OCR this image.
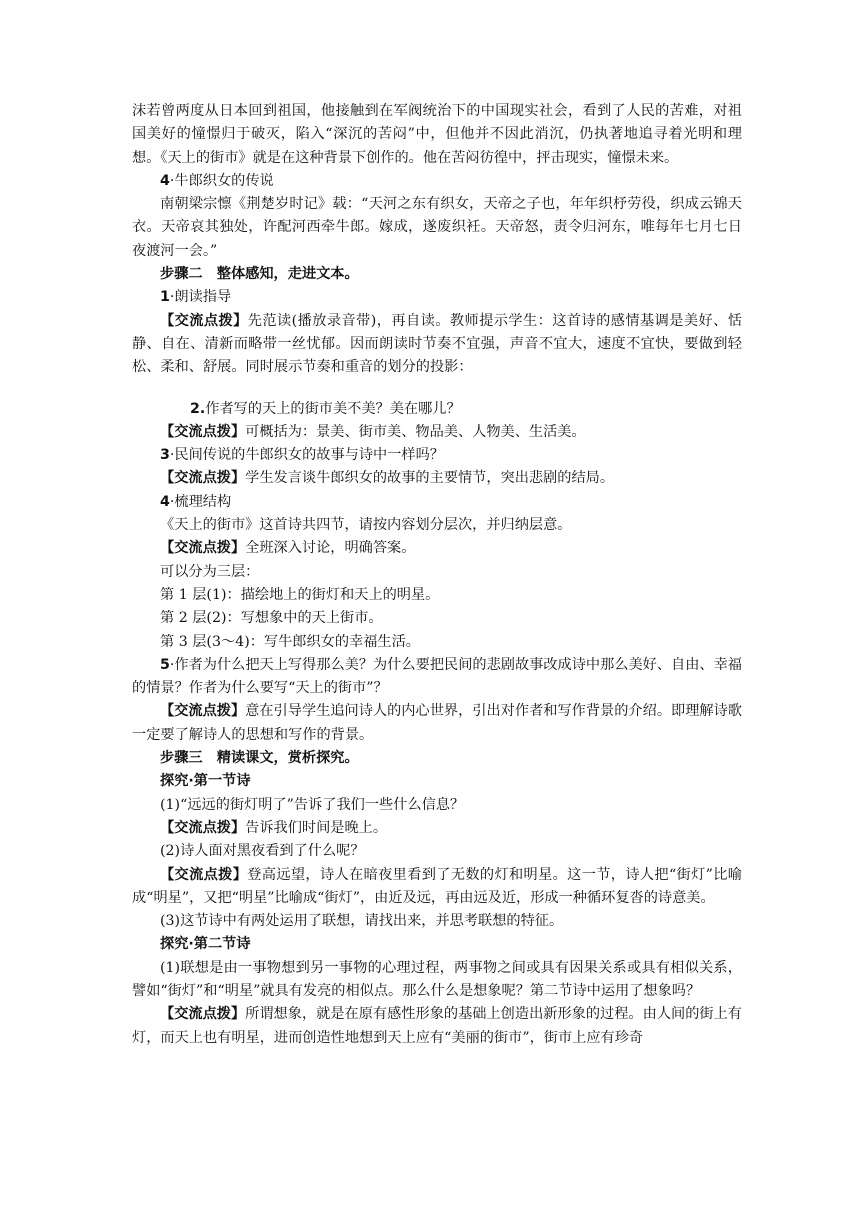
沫若曾两度从日本回到祖国，他接触到在军阀统治下的中国现实社会，看到了人民的苦难，对祖国美好的憧憬归于破灭，陷入“深沉的苦闷”中，但他并不因此消沉，仍执著地追寻着光明和理想。《天上的街市》就是在这种背景下创作的。他在苦闷彷徨中，抨击现实，憧憬未来。

4·牛郎织女的传说

南朝梁宗懔《荆楚岁时记》载：“天河之东有织女，天帝之子也，年年织杼劳役，织成云锦天衣。天帝哀其独处，许配河西牵牛郎。嫁成，遂废织衽。天帝怒，责令归河东，唯每年七月七日夜渡河一会。”

步骤二　整体感知，走进文本。

1·朗读指导

【交流点拨】先范读(播放录音带)，再自读。教师提示学生：这首诗的感情基调是美好、恬静、自在、清新而略带一丝忧郁。因而朗读时节奏不宜强，声音不宜大，速度不宜快，要做到轻松、柔和、舒展。同时展示节奏和重音的划分的投影：

2.作者写的天上的街市美不美？美在哪儿？

【交流点拨】可概括为：景美、街市美、物品美、人物美、生活美。

3·民间传说的牛郎织女的故事与诗中一样吗？

【交流点拨】学生发言谈牛郎织女的故事的主要情节，突出悲剧的结局。

4·梳理结构

《天上的街市》这首诗共四节，请按内容划分层次，并归纳层意。

【交流点拨】全班深入讨论，明确答案。

可以分为三层：

第 1 层(1)：描绘地上的街灯和天上的明星。

第 2 层(2)：写想象中的天上街市。

第 3 层(3～4)：写牛郎织女的幸福生活。

5·作者为什么把天上写得那么美？为什么要把民间的悲剧故事改成诗中那么美好、自由、幸福的情景？作者为什么要写“天上的街市”？

【交流点拨】意在引导学生追问诗人的内心世界，引出对作者和写作背景的介绍。即理解诗歌一定要了解诗人的思想和写作的背景。

步骤三　精读课文，赏析探究。

探究·第一节诗

(1)“远远的街灯明了”告诉了我们一些什么信息？

【交流点拨】告诉我们时间是晚上。

(2)诗人面对黑夜看到了什么呢？

【交流点拨】登高远望，诗人在暗夜里看到了无数的灯和明星。这一节，诗人把“街灯”比喻成“明星”，又把“明星”比喻成“街灯”，由近及远，再由远及近，形成一种循环复沓的诗意美。

(3)这节诗中有两处运用了联想，请找出来，并思考联想的特征。

探究·第二节诗

(1)联想是由一事物想到另一事物的心理过程，两事物之间或具有因果关系或具有相似关系，譬如“街灯”和“明星”就具有发亮的相似点。那么什么是想象呢？第二节诗中运用了想象吗？

【交流点拨】所谓想象，就是在原有感性形象的基础上创造出新形象的过程。由人间的街上有灯，而天上也有明星，进而创造性地想到天上应有“美丽的街市”，街市上应有珍奇
